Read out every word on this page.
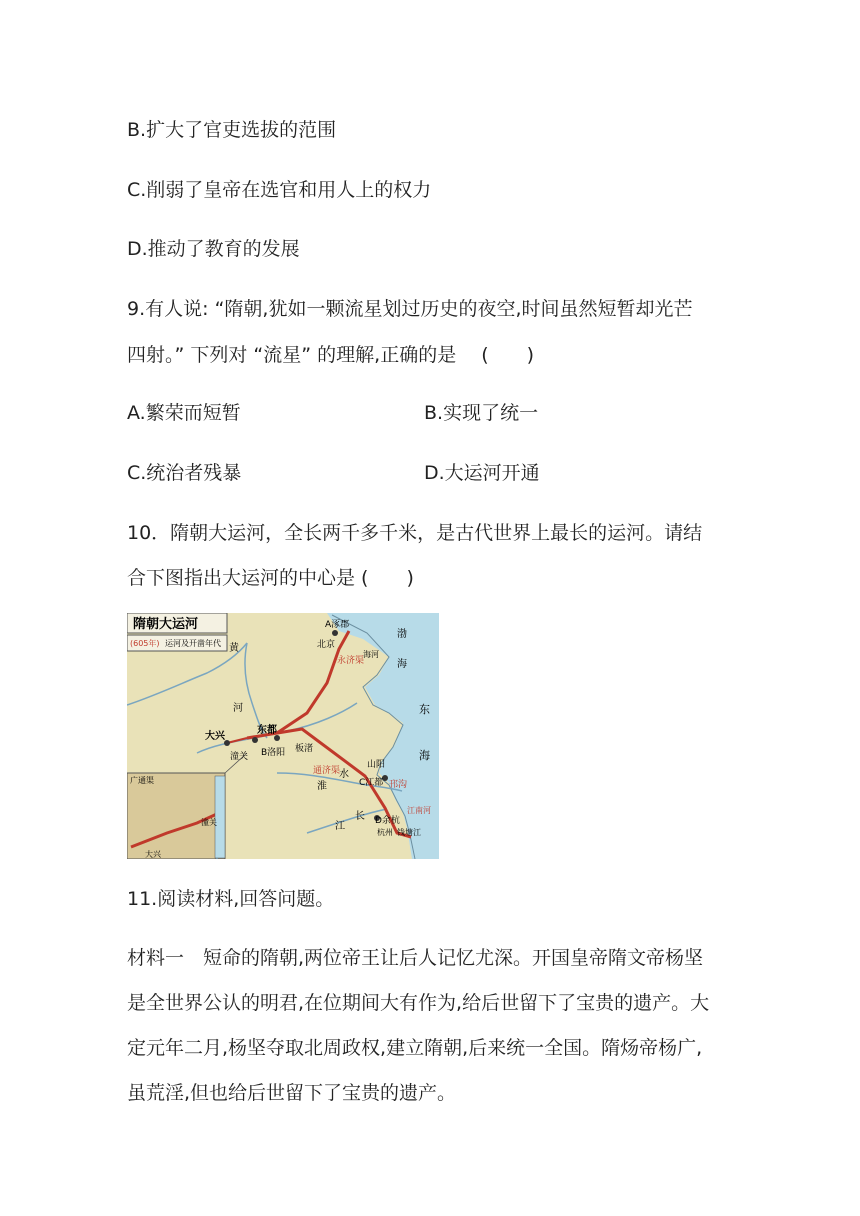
B.扩大了官吏选拔的范围
C.削弱了皇帝在选官和用人上的权力
D.推动了教育的发展
9.有人说: “隋朝,犹如一颗流星划过历史的夜空,时间虽然短暂却光芒
四射。” 下列对 “流星” 的理解,正确的是 　(　　)
A.繁荣而短暂	B.实现了统一
C.统治者残暴	D.大运河开通
10．隋朝大运河，全长两千多千米，是古代世界上最长的运河。请结
合下图指出大运河的中心是 (　　)
隋朝大运河
(605年) 运河及开凿年代
广通渠
A涿郡
北京
永济渠
海河
渤
海
黄
河
大兴
潼关
东都
B洛阳 板渚
通济渠
山阳
邗沟
C江都
D余杭
杭州 钱塘江
江南河
淮
水
长
江
东
海
大兴
潼关
11.阅读材料,回答问题。
材料一　短命的隋朝,两位帝王让后人记忆尤深。开国皇帝隋文帝杨坚
是全世界公认的明君,在位期间大有作为,给后世留下了宝贵的遗产。大
定元年二月,杨坚夺取北周政权,建立隋朝,后来统一全国。隋炀帝杨广,
虽荒淫,但也给后世留下了宝贵的遗产。
